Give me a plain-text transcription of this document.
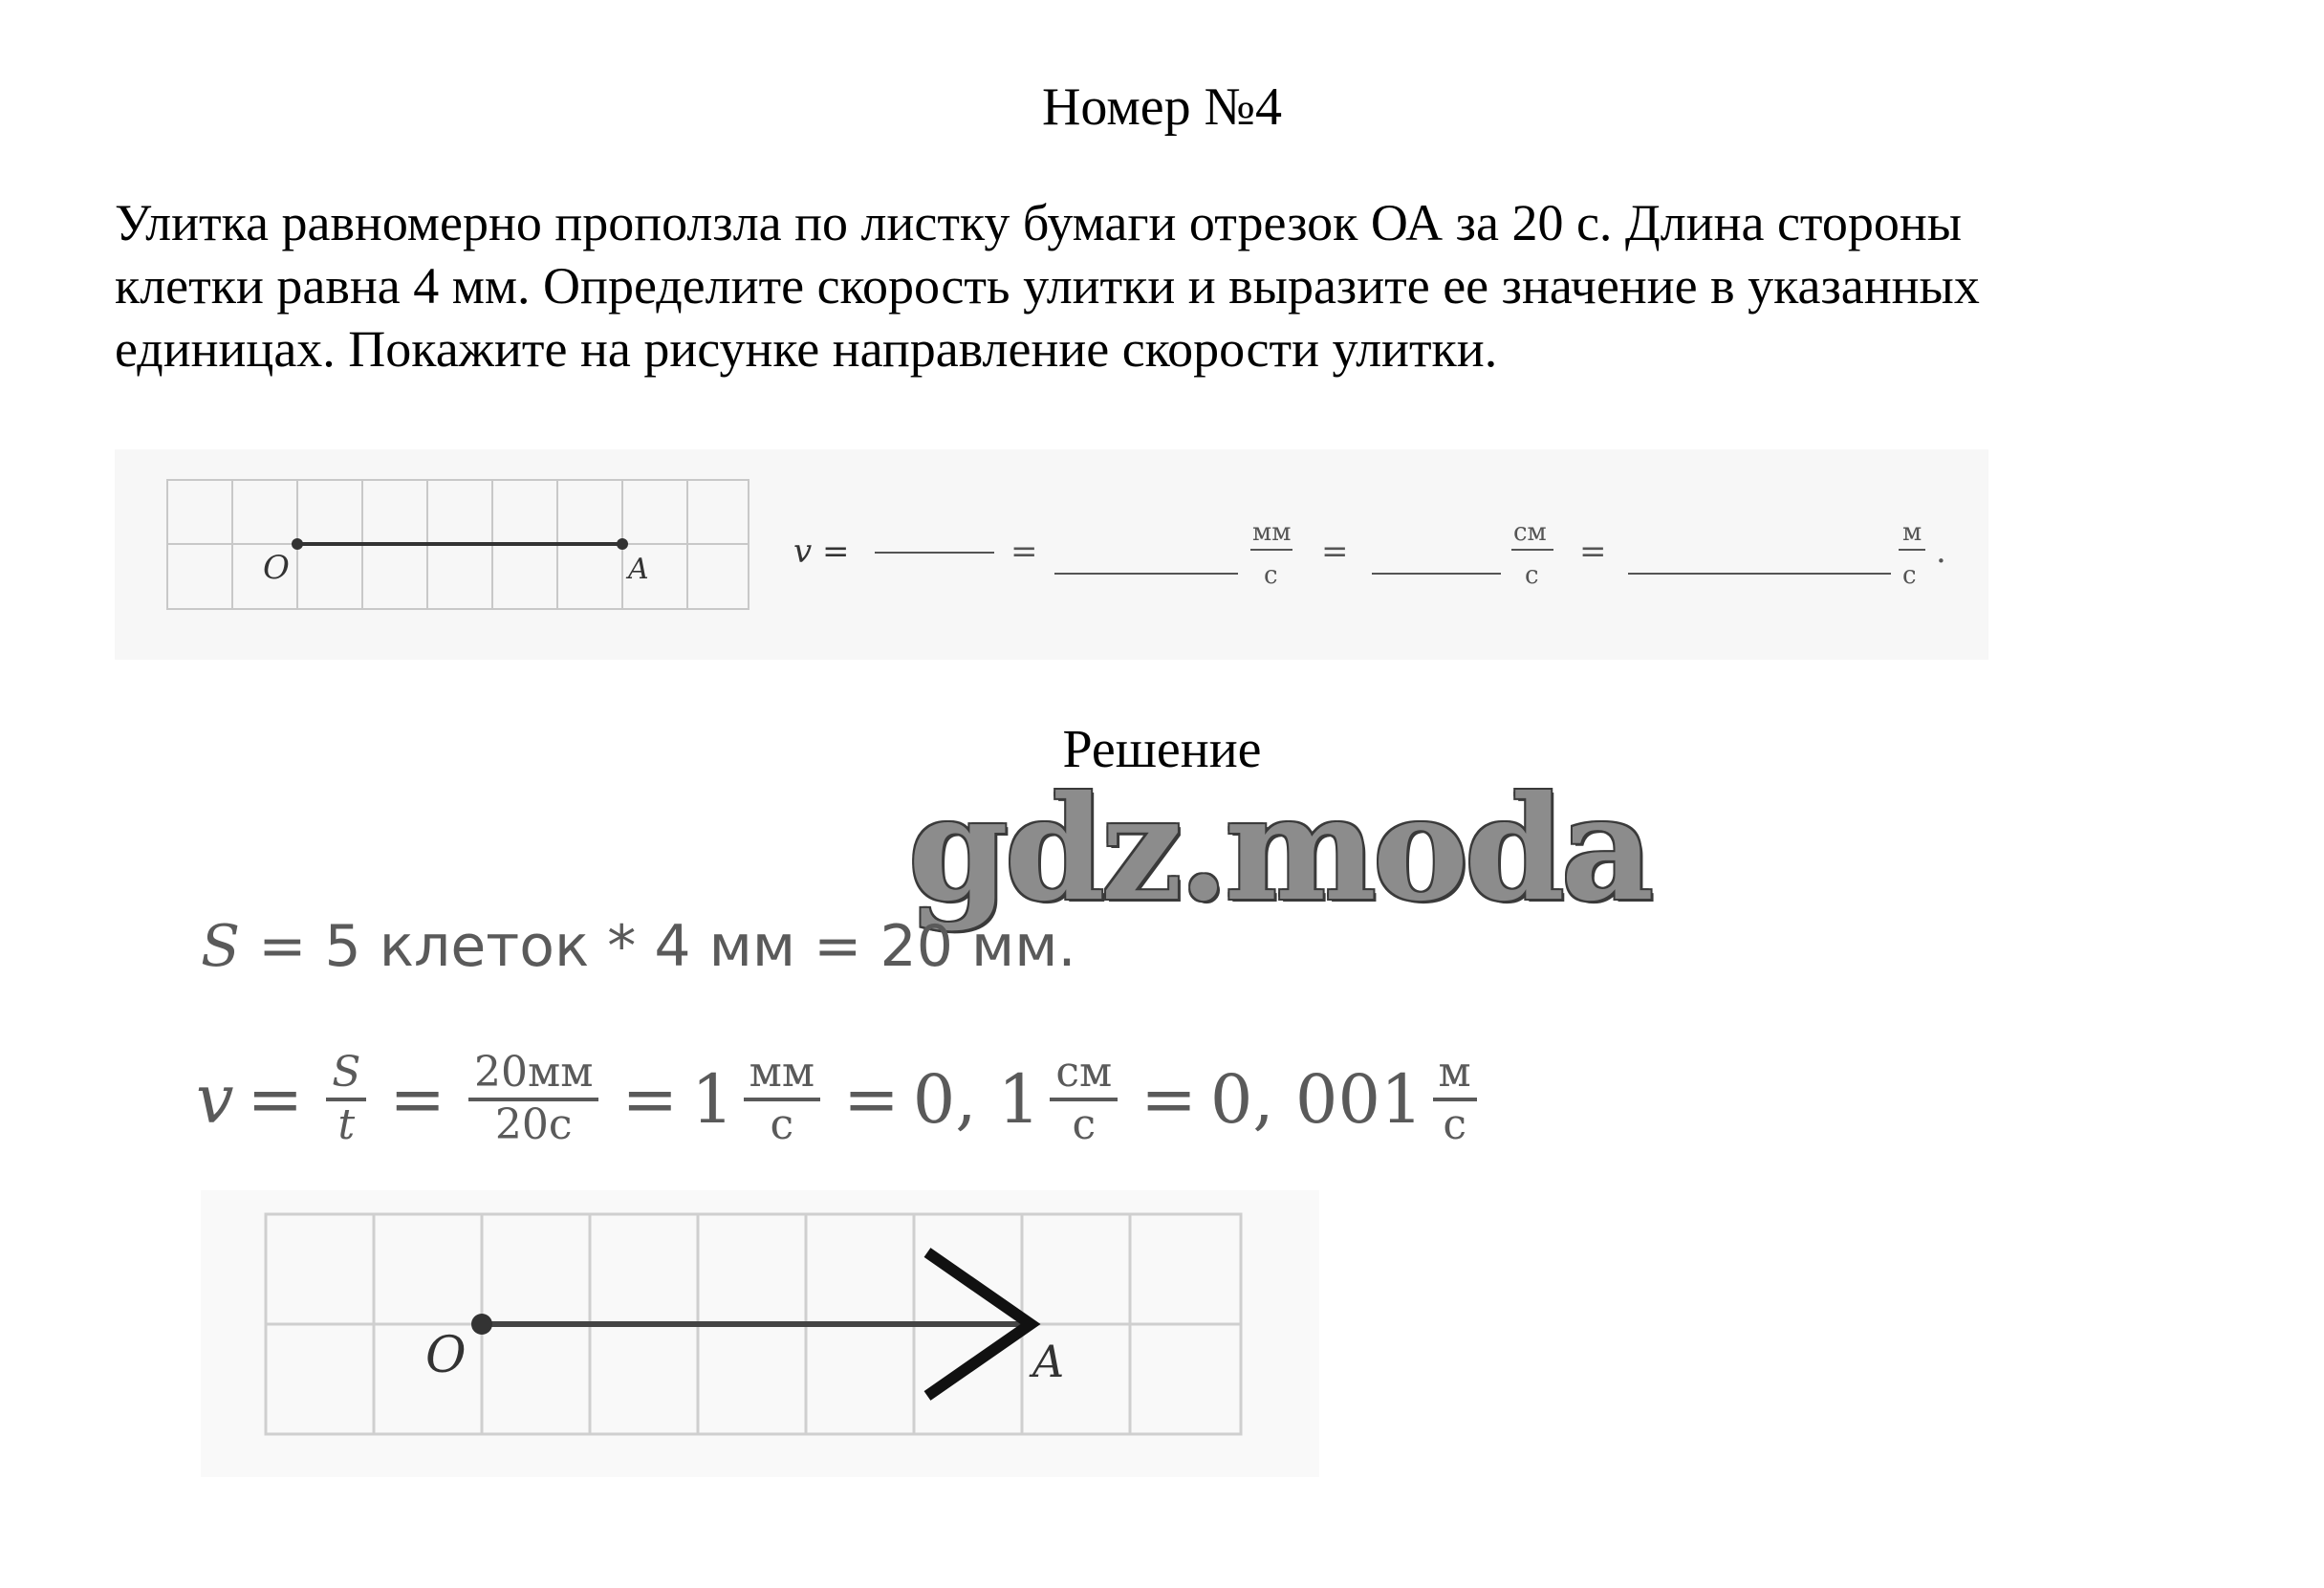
Номер №4

Улитка равномерно проползла по листку бумаги отрезок ОА за 20 с. Длина стороны

клетки равна 4 мм. Определите скорость улитки и выразите ее значение в указанных

единицах. Покажите на рисунке направление скорости улитки.

O	A	v =	=	мм
с
=	см
с
=	м
с
.
Решение
gdz.moda
S = 5 клеток * 4 мм = 20 мм.
$v = \frac{S}{t} = \frac{20мм}{20с} = 1 \frac{мм}{с} = 0$, $1 \frac{см}{с} = 0$, $001 \frac{м}{с}$
O	A
